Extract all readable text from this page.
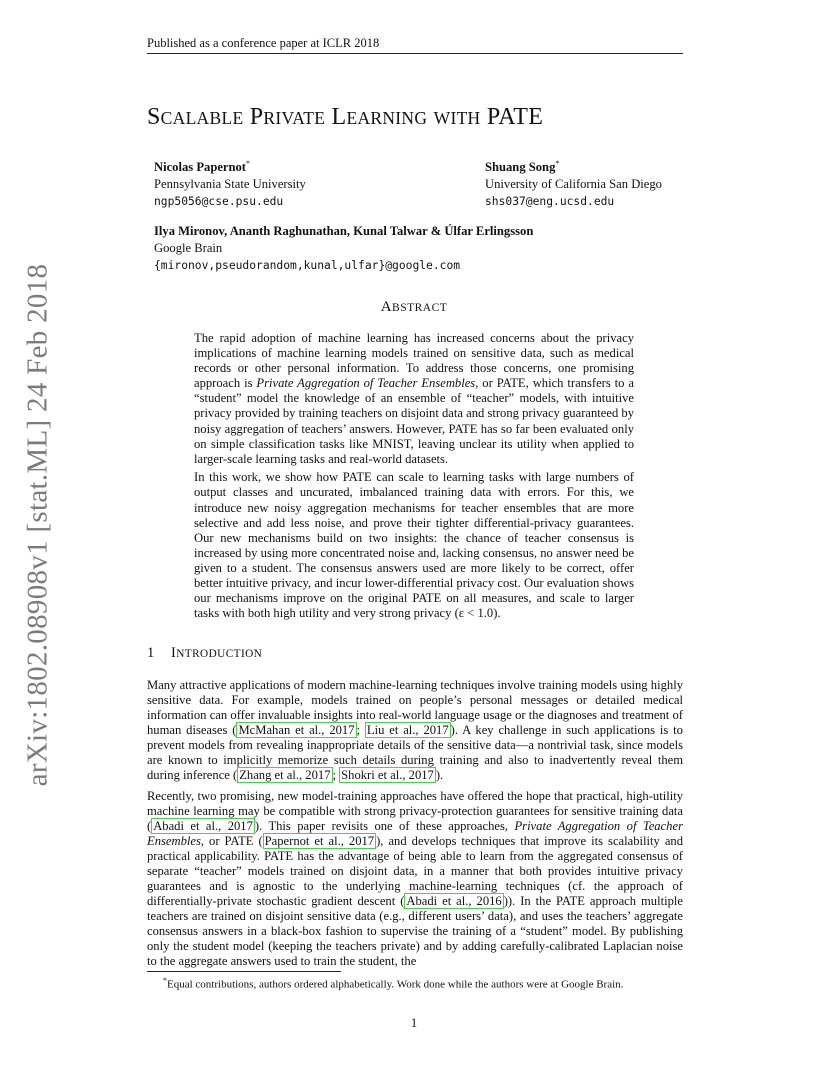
Published as a conference paper at ICLR 2018
SCALABLE PRIVATE LEARNING WITH PATE
Nicolas Papernot*
Pennsylvania State University
ngp5056@cse.psu.edu
Shuang Song*
University of California San Diego
shs037@eng.ucsd.edu
Ilya Mironov, Ananth Raghunathan, Kunal Talwar & Úlfar Erlingsson
Google Brain
{mironov,pseudorandom,kunal,ulfar}@google.com
ABSTRACT

The rapid adoption of machine learning has increased concerns about the privacy implications of machine learning models trained on sensitive data, such as medical records or other personal information. To address those concerns, one promising approach is Private Aggregation of Teacher Ensembles, or PATE, which transfers to a “student” model the knowledge of an ensemble of “teacher” models, with intuitive privacy provided by training teachers on disjoint data and strong privacy guaranteed by noisy aggregation of teachers’ answers. However, PATE has so far been evaluated only on simple classification tasks like MNIST, leaving unclear its utility when applied to larger-scale learning tasks and real-world datasets.

In this work, we show how PATE can scale to learning tasks with large numbers of output classes and uncurated, imbalanced training data with errors. For this, we introduce new noisy aggregation mechanisms for teacher ensembles that are more selective and add less noise, and prove their tighter differential-privacy guarantees. Our new mechanisms build on two insights: the chance of teacher consensus is increased by using more concentrated noise and, lacking consensus, no answer need be given to a student. The consensus answers used are more likely to be correct, offer better intuitive privacy, and incur lower-differential privacy cost. Our evaluation shows our mechanisms improve on the original PATE on all measures, and scale to larger tasks with both high utility and very strong privacy (ε < 1.0).

1 INTRODUCTION

Many attractive applications of modern machine-learning techniques involve training models using highly sensitive data. For example, models trained on people’s personal messages or detailed medical information can offer invaluable insights into real-world language usage or the diagnoses and treatment of human diseases ( McMahan et al., 2017 ; Liu et al., 2017 ). A key challenge in such applications is to prevent models from revealing inappropriate details of the sensitive data—a nontrivial task, since models are known to implicitly memorize such details during training and also to inadvertently reveal them during inference ( Zhang et al., 2017 ; Shokri et al., 2017 ).

Recently, two promising, new model-training approaches have offered the hope that practical, high-utility machine learning may be compatible with strong privacy-protection guarantees for sensitive training data ( Abadi et al., 2017 ). This paper revisits one of these approaches, Private Aggregation of Teacher Ensembles, or PATE ( Papernot et al., 2017 ), and develops techniques that improve its scalability and practical applicability. PATE has the advantage of being able to learn from the aggregated consensus of separate “teacher” models trained on disjoint data, in a manner that both provides intuitive privacy guarantees and is agnostic to the underlying machine-learning techniques (cf. the approach of differentially-private stochastic gradient descent ( Abadi et al., 2016 )). In the PATE approach multiple teachers are trained on disjoint sensitive data (e.g., different users’ data), and uses the teachers’ aggregate consensus answers in a black-box fashion to supervise the training of a “student” model. By publishing only the student model (keeping the teachers private) and by adding carefully-calibrated Laplacian noise to the aggregate answers used to train the student, the

*Equal contributions, authors ordered alphabetically. Work done while the authors were at Google Brain.
1
arXiv:1802.08908v1 [stat.ML] 24 Feb 2018
